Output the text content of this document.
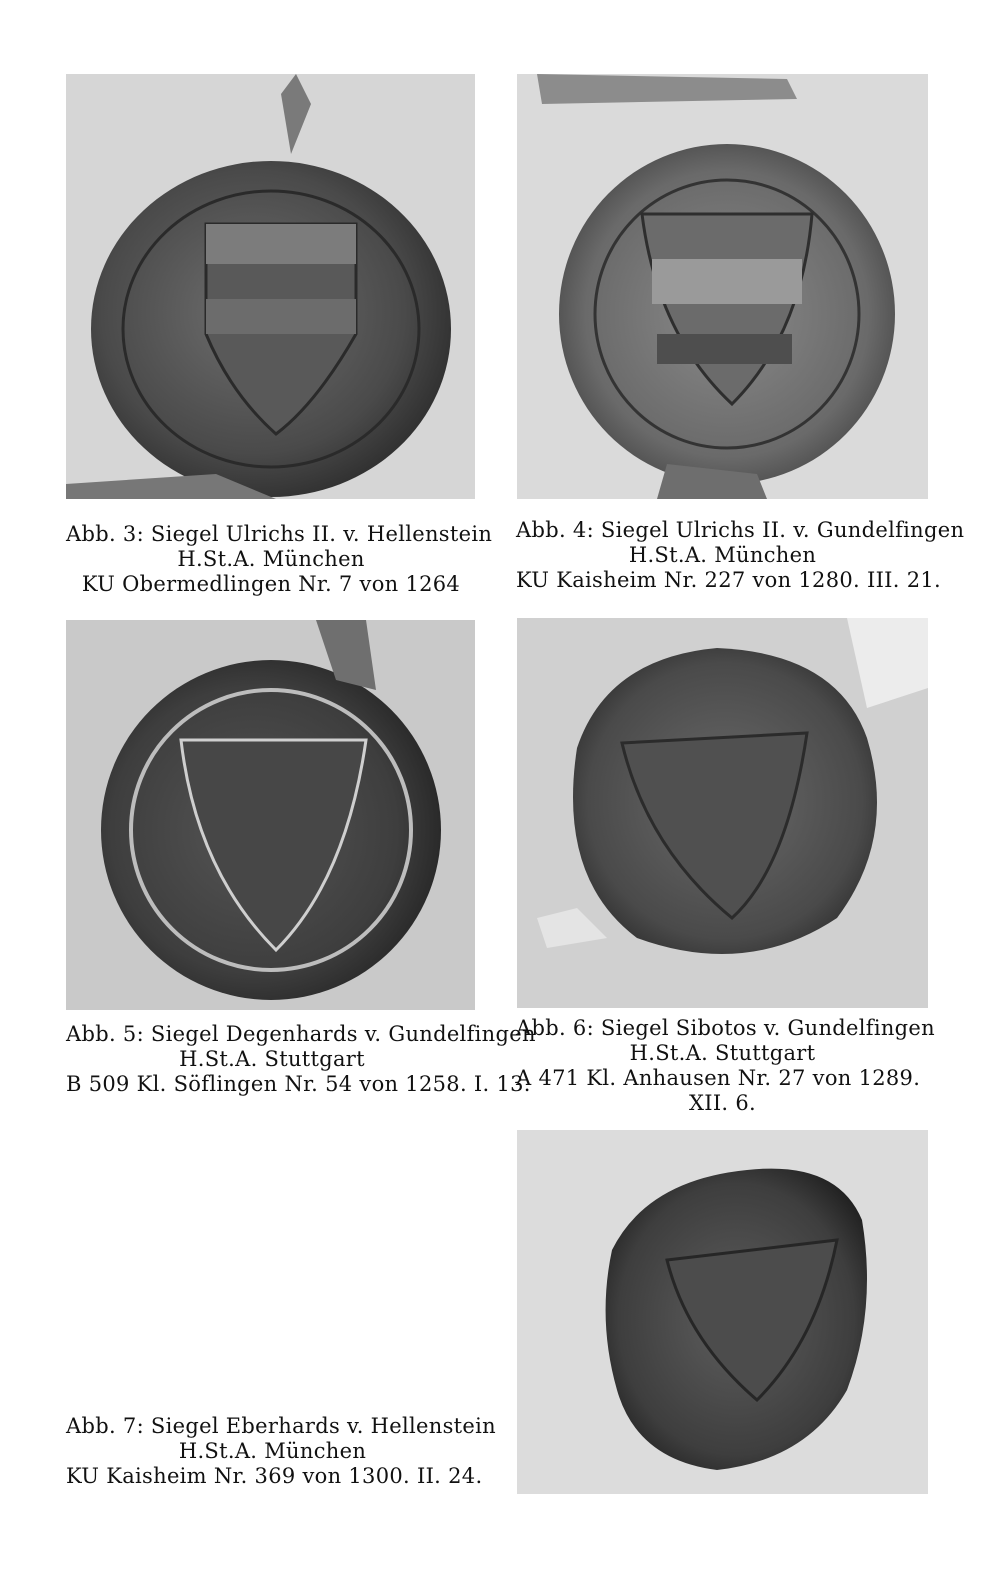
Abb. 3: Siegel Ulrichs II. v. Hellenstein
H.St.A. München
KU Obermedlingen Nr. 7 von 1264
Abb. 4: Siegel Ulrichs II. v. Gundelfingen
H.St.A. München
KU Kaisheim Nr. 227 von 1280. III. 21.
Abb. 5: Siegel Degenhards v. Gundelfingen
H.St.A. Stuttgart
B 509 Kl. Söflingen Nr. 54 von 1258. I. 13.
Abb. 6: Siegel Sibotos v. Gundelfingen
H.St.A. Stuttgart
A 471 Kl. Anhausen Nr. 27 von 1289.
XII. 6.
Abb. 7: Siegel Eberhards v. Hellenstein
H.St.A. München
KU Kaisheim Nr. 369 von 1300. II. 24.
